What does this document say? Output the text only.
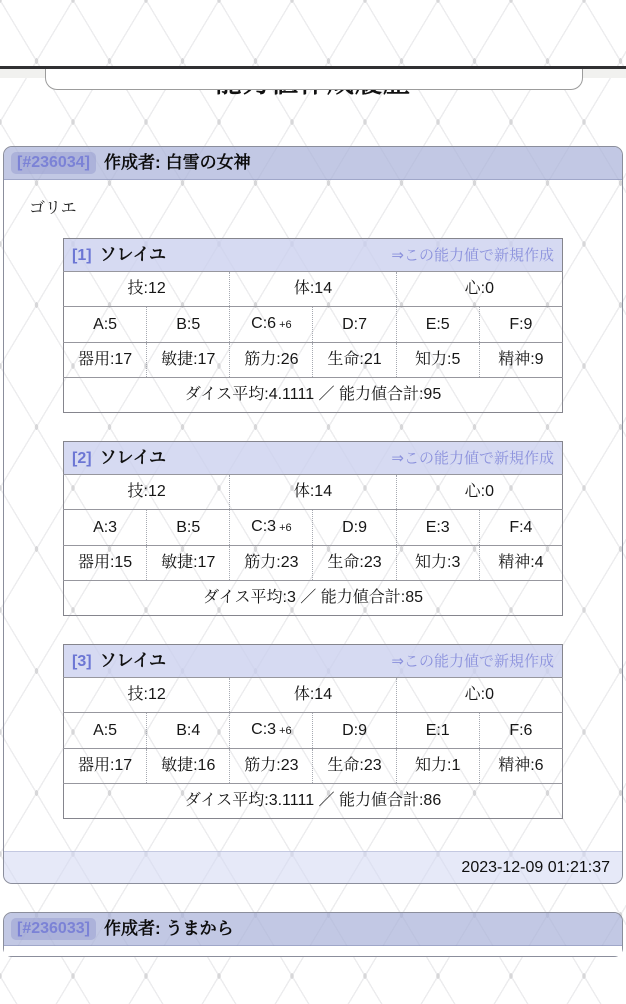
[#236034] 作成者: 白雪の女神
ゴリエ
[1] ソレイユ ⇒この能力値で新規作成					

技:12		体:14		心:0	
A:5	B:5	C:6 +6	D:7	E:5	F:9
器用:17	敏捷:17	筋力:26	生命:21	知力:5	精神:9
ダイス平均:4.1111 ／ 能力値合計:95					
[2] ソレイユ ⇒この能力値で新規作成					

技:12		体:14		心:0	
A:3	B:5	C:3 +6	D:9	E:3	F:4
器用:15	敏捷:17	筋力:23	生命:23	知力:3	精神:4
ダイス平均:3 ／ 能力値合計:85					
[3] ソレイユ ⇒この能力値で新規作成					

技:12		体:14		心:0	
A:5	B:4	C:3 +6	D:9	E:1	F:6
器用:17	敏捷:16	筋力:23	生命:23	知力:1	精神:6
ダイス平均:3.1111 ／ 能力値合計:86					
2023-12-09 01:21:37
[#236033] 作成者: うまから
